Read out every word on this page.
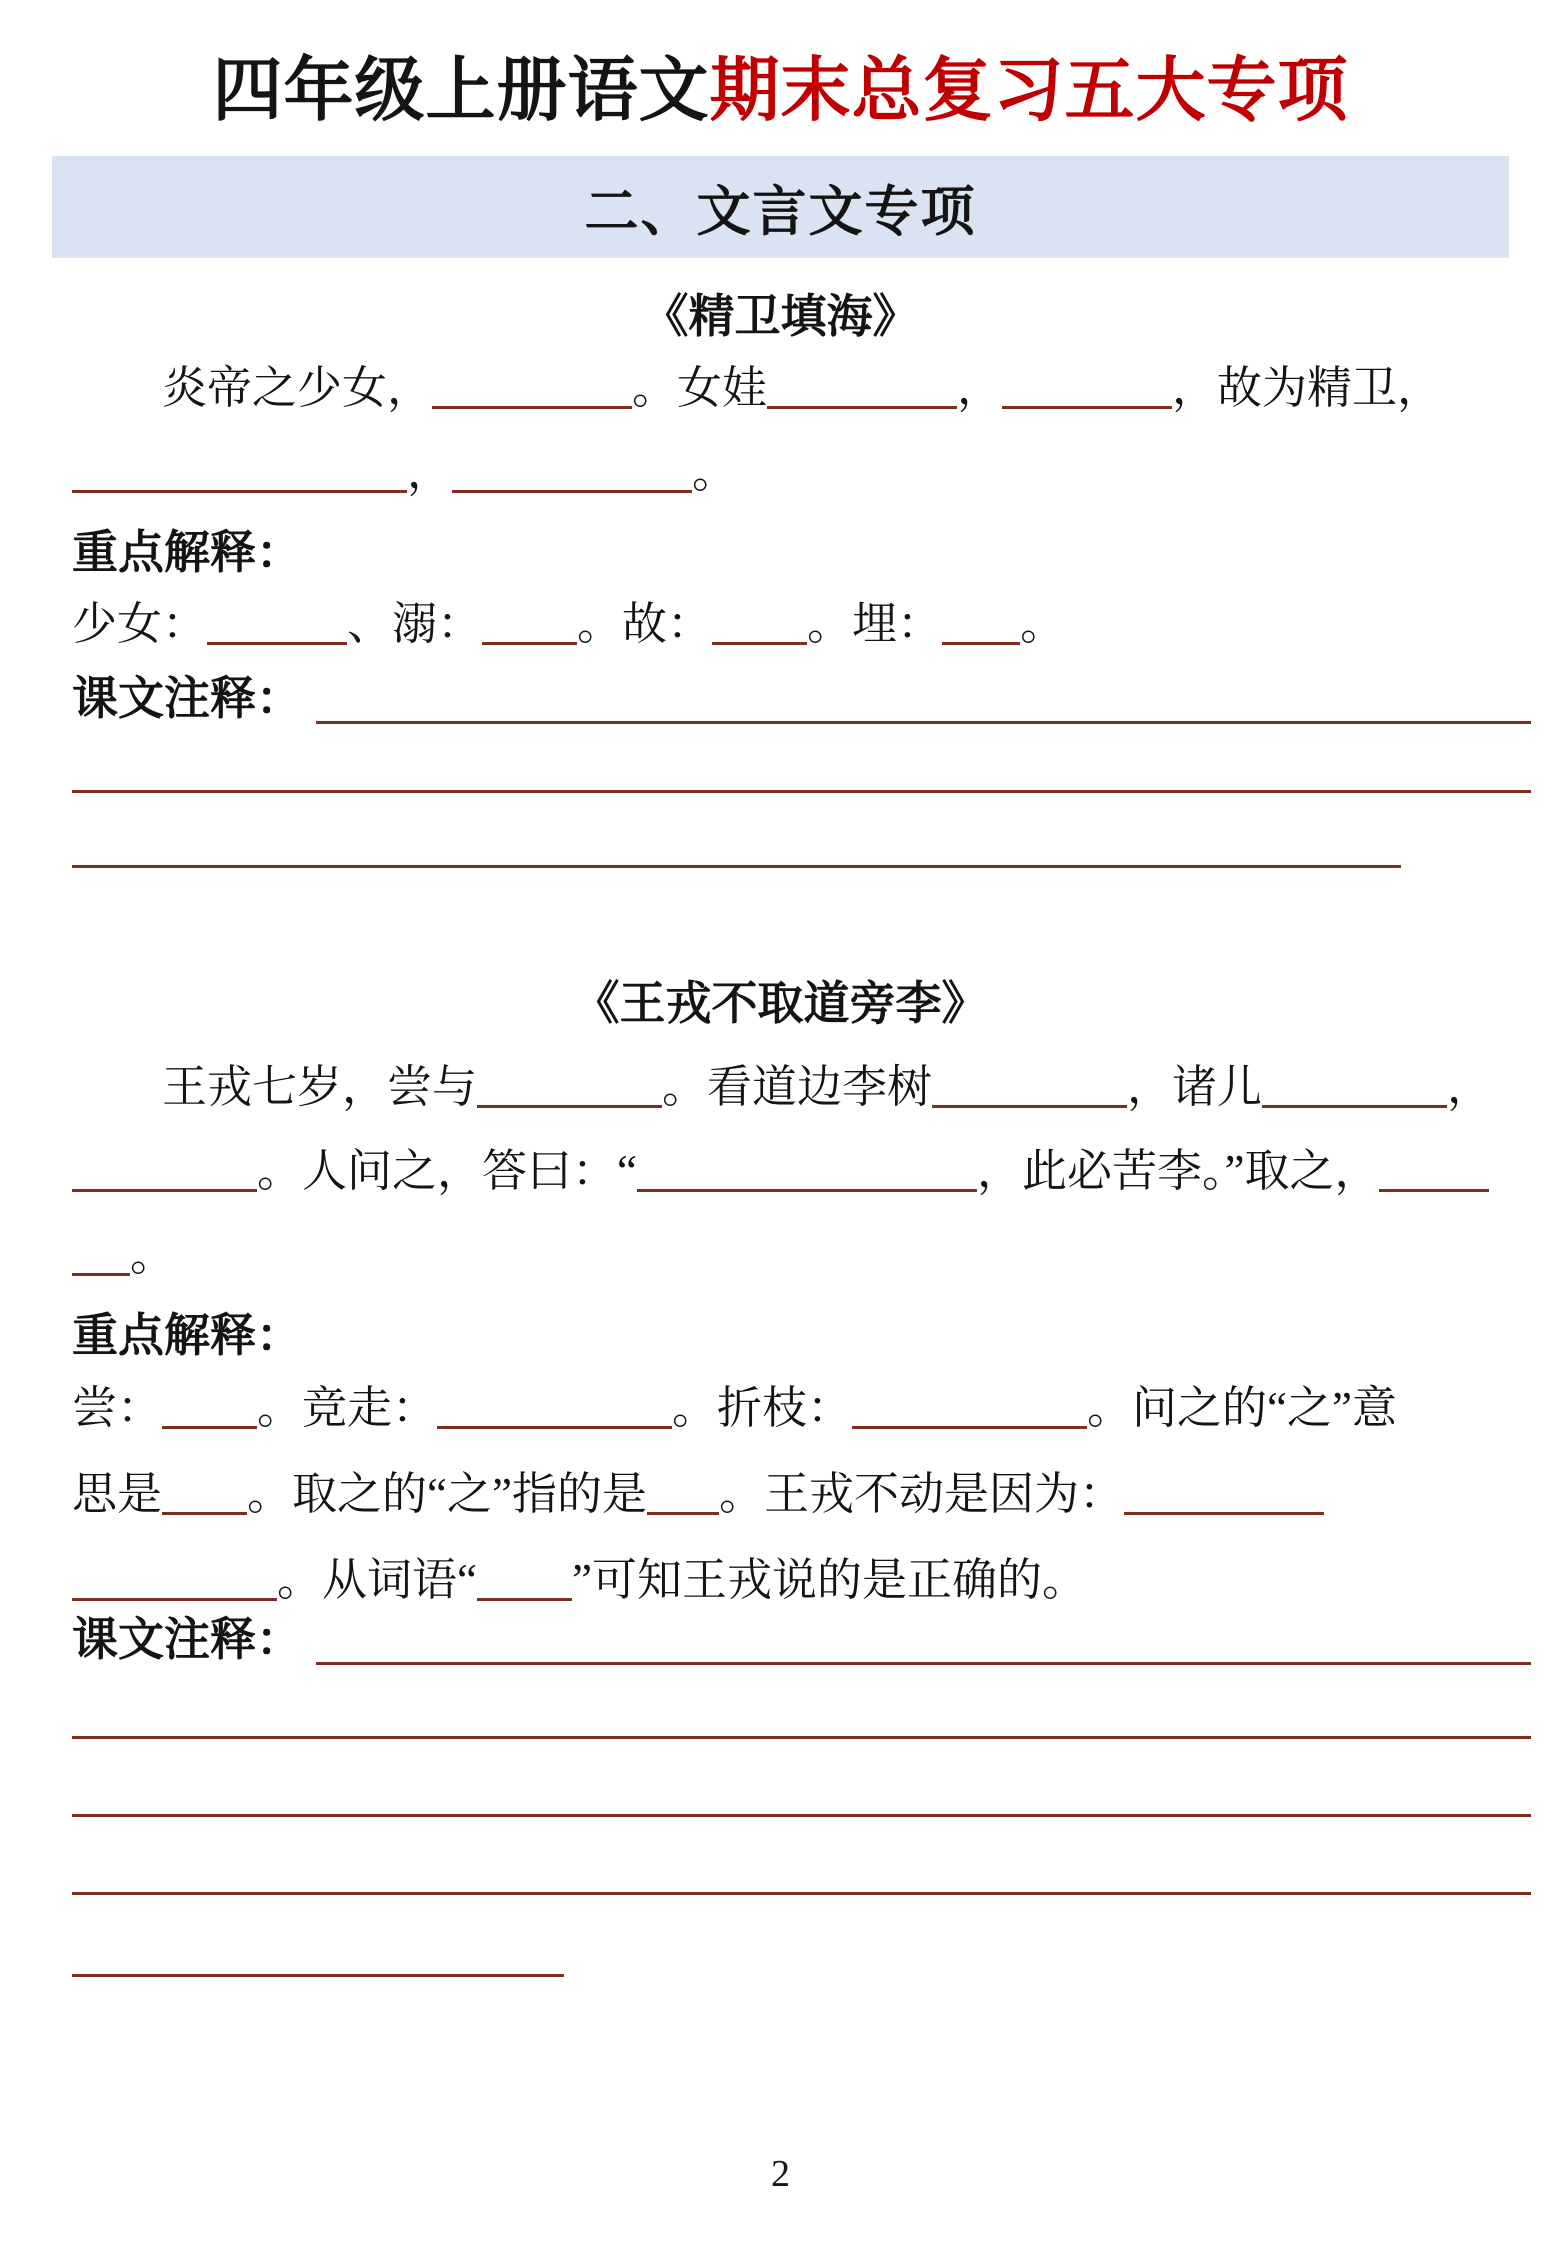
四年级上册语文期末总复习五大专项
二、文言文专项
《精卫填海》
炎帝之少女，	。女娃	，	，故为精卫，
，	。
重点解释：
少女：	、溺： 。故： 。埋： 。
课文注释：
《王戎不取道旁李》
王戎七岁，尝与	。看道边李树	，诸儿	，
。人问之，答曰：“	，此必苦李。”取之，
。
重点解释：
尝： 。竞走：	。折枝：	。问之的“之”意
思是 。取之的“之”指的是 。王戎不动是因为：
。从词语“ ”可知王戎说的是正确的。
课文注释：
2
